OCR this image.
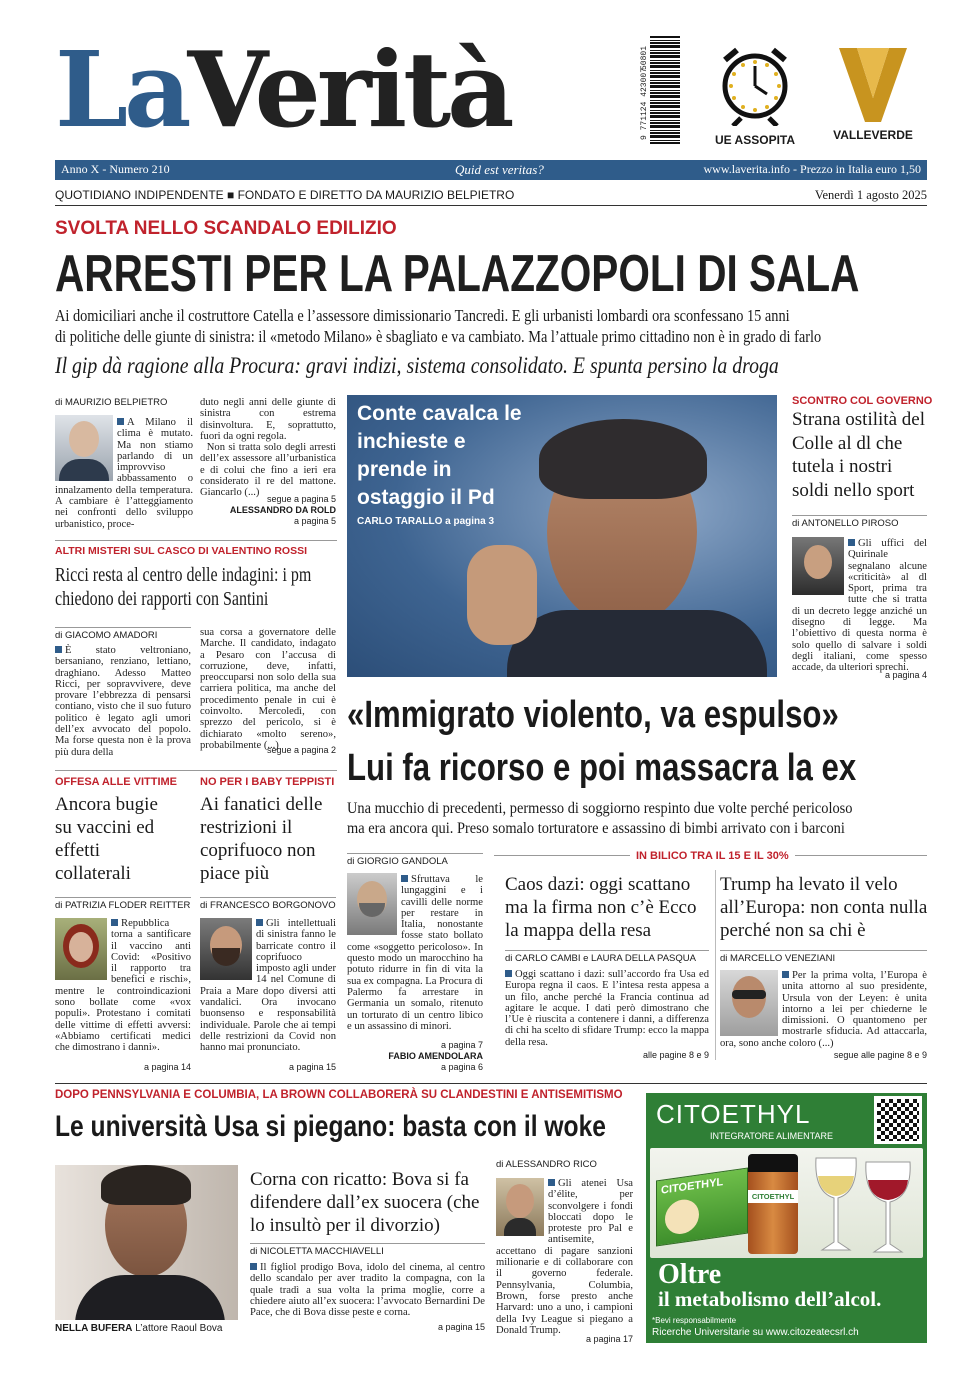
LaVerità	9 771124 423007
50801
UE ASSOPITA	VALLEVERDE
Anno X - Numero 210	Quid est veritas?	www.laverita.info - Prezzo in Italia euro 1,50
QUOTIDIANO INDIPENDENTE ■ FONDATO E DIRETTO DA MAURIZIO BELPIETRO	Venerdì 1 agosto 2025
SVOLTA NELLO SCANDALO EDILIZIO
ARRESTI PER LA PALAZZOPOLI DI SALA
Ai domiciliari anche il costruttore Catella e l’assessore dimissionario Tancredi. E gli urbanisti lombardi ora sconfessano 15 anni
di politiche delle giunte di sinistra: il «metodo Milano» è sbagliato e va cambiato. Ma l’attuale primo cittadino non è in grado di farlo
Il gip dà ragione alla Procura: gravi indizi, sistema consolidato. E spunta persino la droga
di MAURIZIO BELPIETRO
A Milano il clima è mutato. Ma non stiamo parlando di un improvviso abbassamento o innalzamento della temperatura. A cambiare è l’atteggiamento nei confronti dello sviluppo urbanistico, proce-
duto negli anni delle giunte di sinistra con estrema disinvoltura. E, soprattutto, fuori da ogni regola.
Non si tratta solo degli arresti dell’ex assessore all’urbanistica e di colui che fino a ieri era considerato il re del mattone. Giancarlo (...)
segue a pagina 5
ALESSANDRO DA ROLD
a pagina 5
Conte cavalca le inchieste e prende in ostaggio il Pd
CARLO TARALLO a pagina 3
SCONTRO COL GOVERNO
Strana ostilità del Colle al dl che tutela i nostri soldi nello sport
di ANTONELLO PIROSO
Gli uffici del Quirinale segnalano alcune «criticità» al dl Sport, prima tra tutte che si tratta di un decreto legge anziché un disegno di legge. Ma l’obiettivo di questa norma è solo quello di salvare i soldi degli italiani, come spesso accade, da ulteriori sprechi.
a pagina 4
ALTRI MISTERI SUL CASCO DI VALENTINO ROSSI
Ricci resta al centro delle indagini: i pm chiedono dei rapporti con Santini
di GIACOMO AMADORI
È stato veltroniano, bersaniano, renziano, lettiano, draghiano. Adesso Matteo Ricci, per sopravvivere, deve provare l’ebbrezza di pensarsi contiano, visto che il suo futuro politico è legato agli umori dell’ex avvocato del popolo. Ma forse questa non è la prova più dura della
sua corsa a governatore delle Marche. Il candidato, indagato a Pesaro con l’accusa di corruzione, deve, infatti, preoccuparsi non solo della sua carriera politica, ma anche del procedimento penale in cui è coinvolto. Mercoledì, con sprezzo del pericolo, si è dichiarato «molto sereno», probabilmente (...)
segue a pagina 2
«Immigrato violento, va espulso»
Lui fa ricorso e poi massacra la ex
Una mucchio di precedenti, permesso di soggiorno respinto due volte perché pericoloso
ma era ancora qui. Preso somalo torturatore e assassino di bimbi arrivato con i barconi
di GIORGIO GANDOLA
Sfruttava le lungaggini e i cavilli delle norme per restare in Italia, nonostante fosse stato bollato come «soggetto pericoloso». In questo modo un marocchino ha potuto ridurre in fin di vita la sua ex compagna. La Procura di Palermo fa arrestare in Germania un somalo, ritenuto un torturato di un centro libico e un assassino di minori.
a pagina 7
FABIO AMENDOLARA
a pagina 6
OFFESA ALLE VITTIME
Ancora bugie su vaccini ed effetti collaterali
di PATRIZIA FLODER REITTER
Repubblica torna a santificare il vaccino anti Covid: «Positivo il rapporto tra benefici e rischi», mentre le controindicazioni sono bollate come «vox populi». Protestano i comitati delle vittime di effetti avversi: «Abbiamo certificati medici che dimostrano i danni».
a pagina 14
NO PER I BABY TEPPISTI
Ai fanatici delle restrizioni il coprifuoco non piace più
di FRANCESCO BORGONOVO
Gli intellettuali di sinistra fanno le barricate contro il coprifuoco imposto agli under 14 nel Comune di Praia a Mare dopo diversi atti vandalici. Ora invocano buonsenso e responsabilità individuale. Parole che ai tempi delle restrizioni da Covid non hanno mai pronunciato.
a pagina 15
IN BILICO TRA IL 15 E IL 30%
Caos dazi: oggi scattano ma la firma non c’è Ecco la mappa della resa
di CARLO CAMBI e LAURA DELLA PASQUA
Oggi scattano i dazi: sull’accordo fra Usa ed Europa regna il caos. E l’intesa resta appesa a un filo, anche perché la Francia continua ad agitare le acque. I dati però dimostrano che l’Ue è riuscita a contenere i danni, a differenza di chi ha scelto di sfidare Trump: ecco la mappa della resa.
alle pagine 8 e 9
Trump ha levato il velo all’Europa: non conta nulla perché non sa chi è
di MARCELLO VENEZIANI
Per la prima volta, l’Europa è unita attorno al suo presidente, Ursula von der Leyen: è unita intorno a lei per chiederne le dimissioni. O quantomeno per mostrarle sfiducia. Ad attaccarla, ora, sono anche coloro (...)
segue alle pagine 8 e 9
DOPO PENNSYLVANIA E COLUMBIA, LA BROWN COLLABORERÀ SU CLANDESTINI E ANTISEMITISMO
Le università Usa si piegano: basta con il woke
NELLA BUFERA L’attore Raoul Bova
Corna con ricatto: Bova si fa difendere dall’ex suocera (che lo insultò per il divorzio)
di NICOLETTA MACCHIAVELLI
Il figliol prodigo Bova, idolo del cinema, al centro dello scandalo per aver tradito la compagna, con la quale tradì a sua volta la prima moglie, corre a chiedere aiuto all’ex suocera: l’avvocato Bernardini De Pace, che di Bova disse peste e corna.
a pagina 15
di ALESSANDRO RICO
Gli atenei Usa d’élite, per sconvolgere i fondi bloccati dopo le proteste pro Pal e antisemite, accettano di pagare sanzioni milionarie e di collaborare con il governo federale. Pennsylvania, Columbia, Brown, forse presto anche Harvard: uno a uno, i campioni della Ivy League si piegano a Donald Trump.
a pagina 17
CITOETHYL
INTEGRATORE ALIMENTARE
CITOETHYL	CITOETHYL
Oltre
il metabolismo dell’alcol.
*Bevi responsabilmente
Ricerche Universitarie su www.citozeatecsrl.ch
